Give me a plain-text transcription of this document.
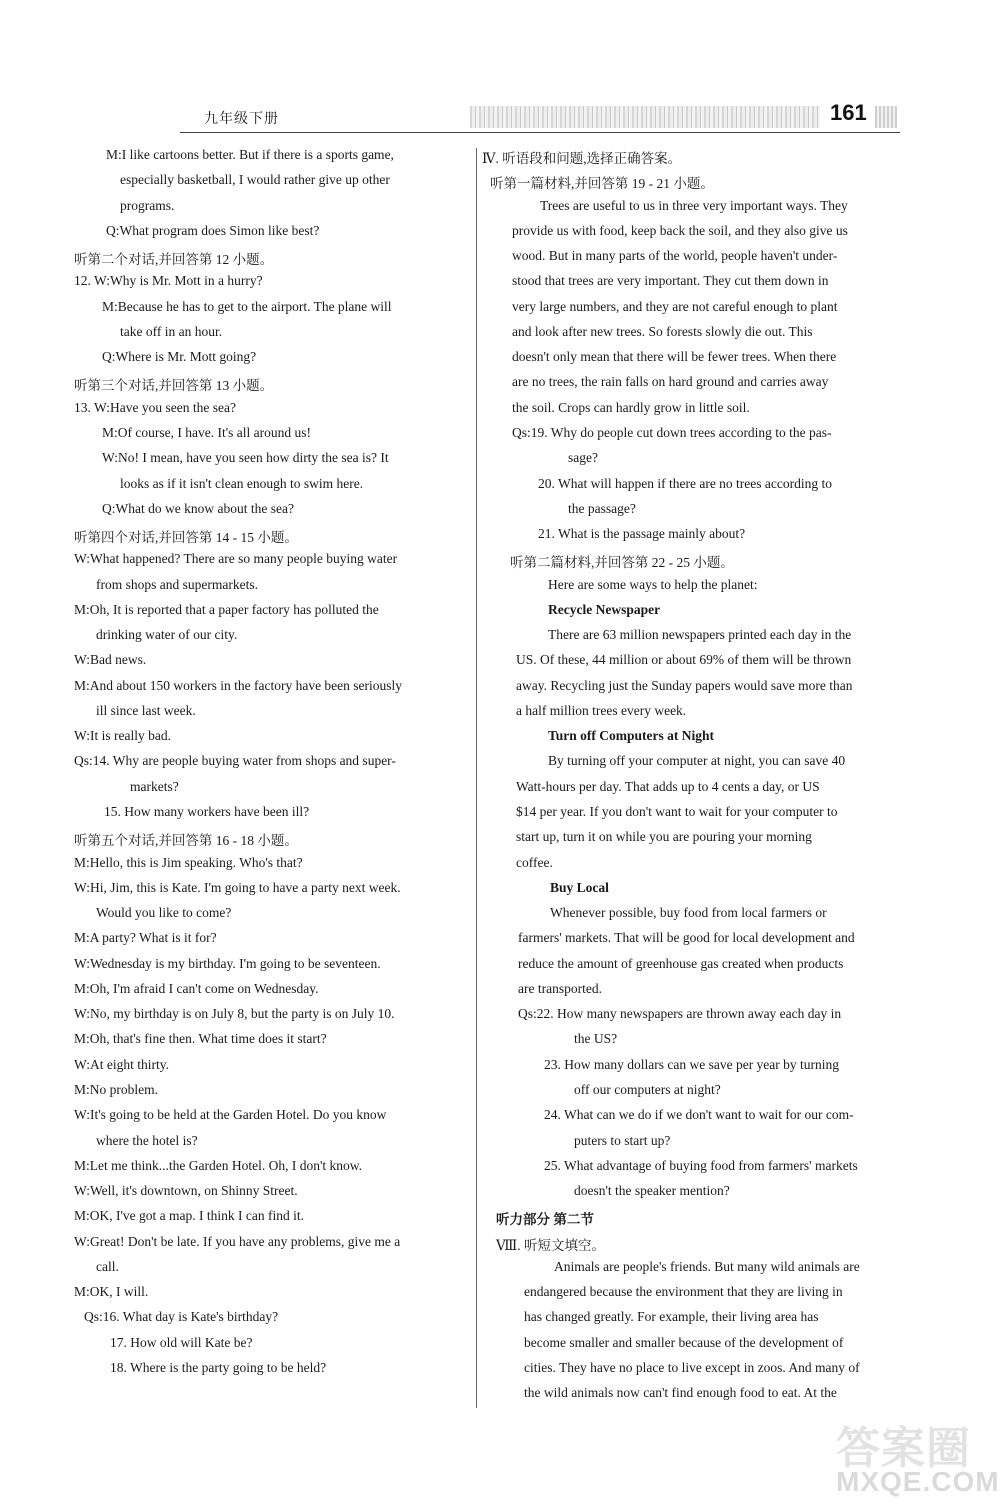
九年级下册	161
M:I like cartoons better. But if there is a sports game,
especially basketball, I would rather give up other
programs.
Q:What program does Simon like best?
听第二个对话,并回答第 12 小题。
12. W:Why is Mr. Mott in a hurry?
M:Because he has to get to the airport. The plane will
take off in an hour.
Q:Where is Mr. Mott going?
听第三个对话,并回答第 13 小题。
13. W:Have you seen the sea?
M:Of course, I have. It's all around us!
W:No! I mean, have you seen how dirty the sea is? It
looks as if it isn't clean enough to swim here.
Q:What do we know about the sea?
听第四个对话,并回答第 14 - 15 小题。
W:What happened? There are so many people buying water
from shops and supermarkets.
M:Oh, It is reported that a paper factory has polluted the
drinking water of our city.
W:Bad news.
M:And about 150 workers in the factory have been seriously
ill since last week.
W:It is really bad.
Qs:14. Why are people buying water from shops and super-
markets?
15. How many workers have been ill?
听第五个对话,并回答第 16 - 18 小题。
M:Hello, this is Jim speaking. Who's that?
W:Hi, Jim, this is Kate. I'm going to have a party next week.
Would you like to come?
M:A party? What is it for?
W:Wednesday is my birthday. I'm going to be seventeen.
M:Oh, I'm afraid I can't come on Wednesday.
W:No, my birthday is on July 8, but the party is on July 10.
M:Oh, that's fine then. What time does it start?
W:At eight thirty.
M:No problem.
W:It's going to be held at the Garden Hotel. Do you know
where the hotel is?
M:Let me think...the Garden Hotel. Oh, I don't know.
W:Well, it's downtown, on Shinny Street.
M:OK, I've got a map. I think I can find it.
W:Great! Don't be late. If you have any problems, give me a
call.
M:OK, I will.
Qs:16. What day is Kate's birthday?
17. How old will Kate be?
18. Where is the party going to be held?
Ⅳ. 听语段和问题,选择正确答案。
听第一篇材料,并回答第 19 - 21 小题。
Trees are useful to us in three very important ways. They
provide us with food, keep back the soil, and they also give us
wood. But in many parts of the world, people haven't under-
stood that trees are very important. They cut them down in
very large numbers, and they are not careful enough to plant
and look after new trees. So forests slowly die out. This
doesn't only mean that there will be fewer trees. When there
are no trees, the rain falls on hard ground and carries away
the soil. Crops can hardly grow in little soil.
Qs:19. Why do people cut down trees according to the pas-
sage?
20. What will happen if there are no trees according to
the passage?
21. What is the passage mainly about?
听第二篇材料,并回答第 22 - 25 小题。
Here are some ways to help the planet:
Recycle Newspaper
There are 63 million newspapers printed each day in the
US. Of these, 44 million or about 69% of them will be thrown
away. Recycling just the Sunday papers would save more than
a half million trees every week.
Turn off Computers at Night
By turning off your computer at night, you can save 40
Watt-hours per day. That adds up to 4 cents a day, or US
$14 per year. If you don't want to wait for your computer to
start up, turn it on while you are pouring your morning
coffee.
Buy Local
Whenever possible, buy food from local farmers or
farmers' markets. That will be good for local development and
reduce the amount of greenhouse gas created when products
are transported.
Qs:22. How many newspapers are thrown away each day in
the US?
23. How many dollars can we save per year by turning
off our computers at night?
24. What can we do if we don't want to wait for our com-
puters to start up?
25. What advantage of buying food from farmers' markets
doesn't the speaker mention?
听力部分 第二节
Ⅷ. 听短文填空。
Animals are people's friends. But many wild animals are
endangered because the environment that they are living in
has changed greatly. For example, their living area has
become smaller and smaller because of the development of
cities. They have no place to live except in zoos. And many of
the wild animals now can't find enough food to eat. At the
答案圈
MXQE.COM
